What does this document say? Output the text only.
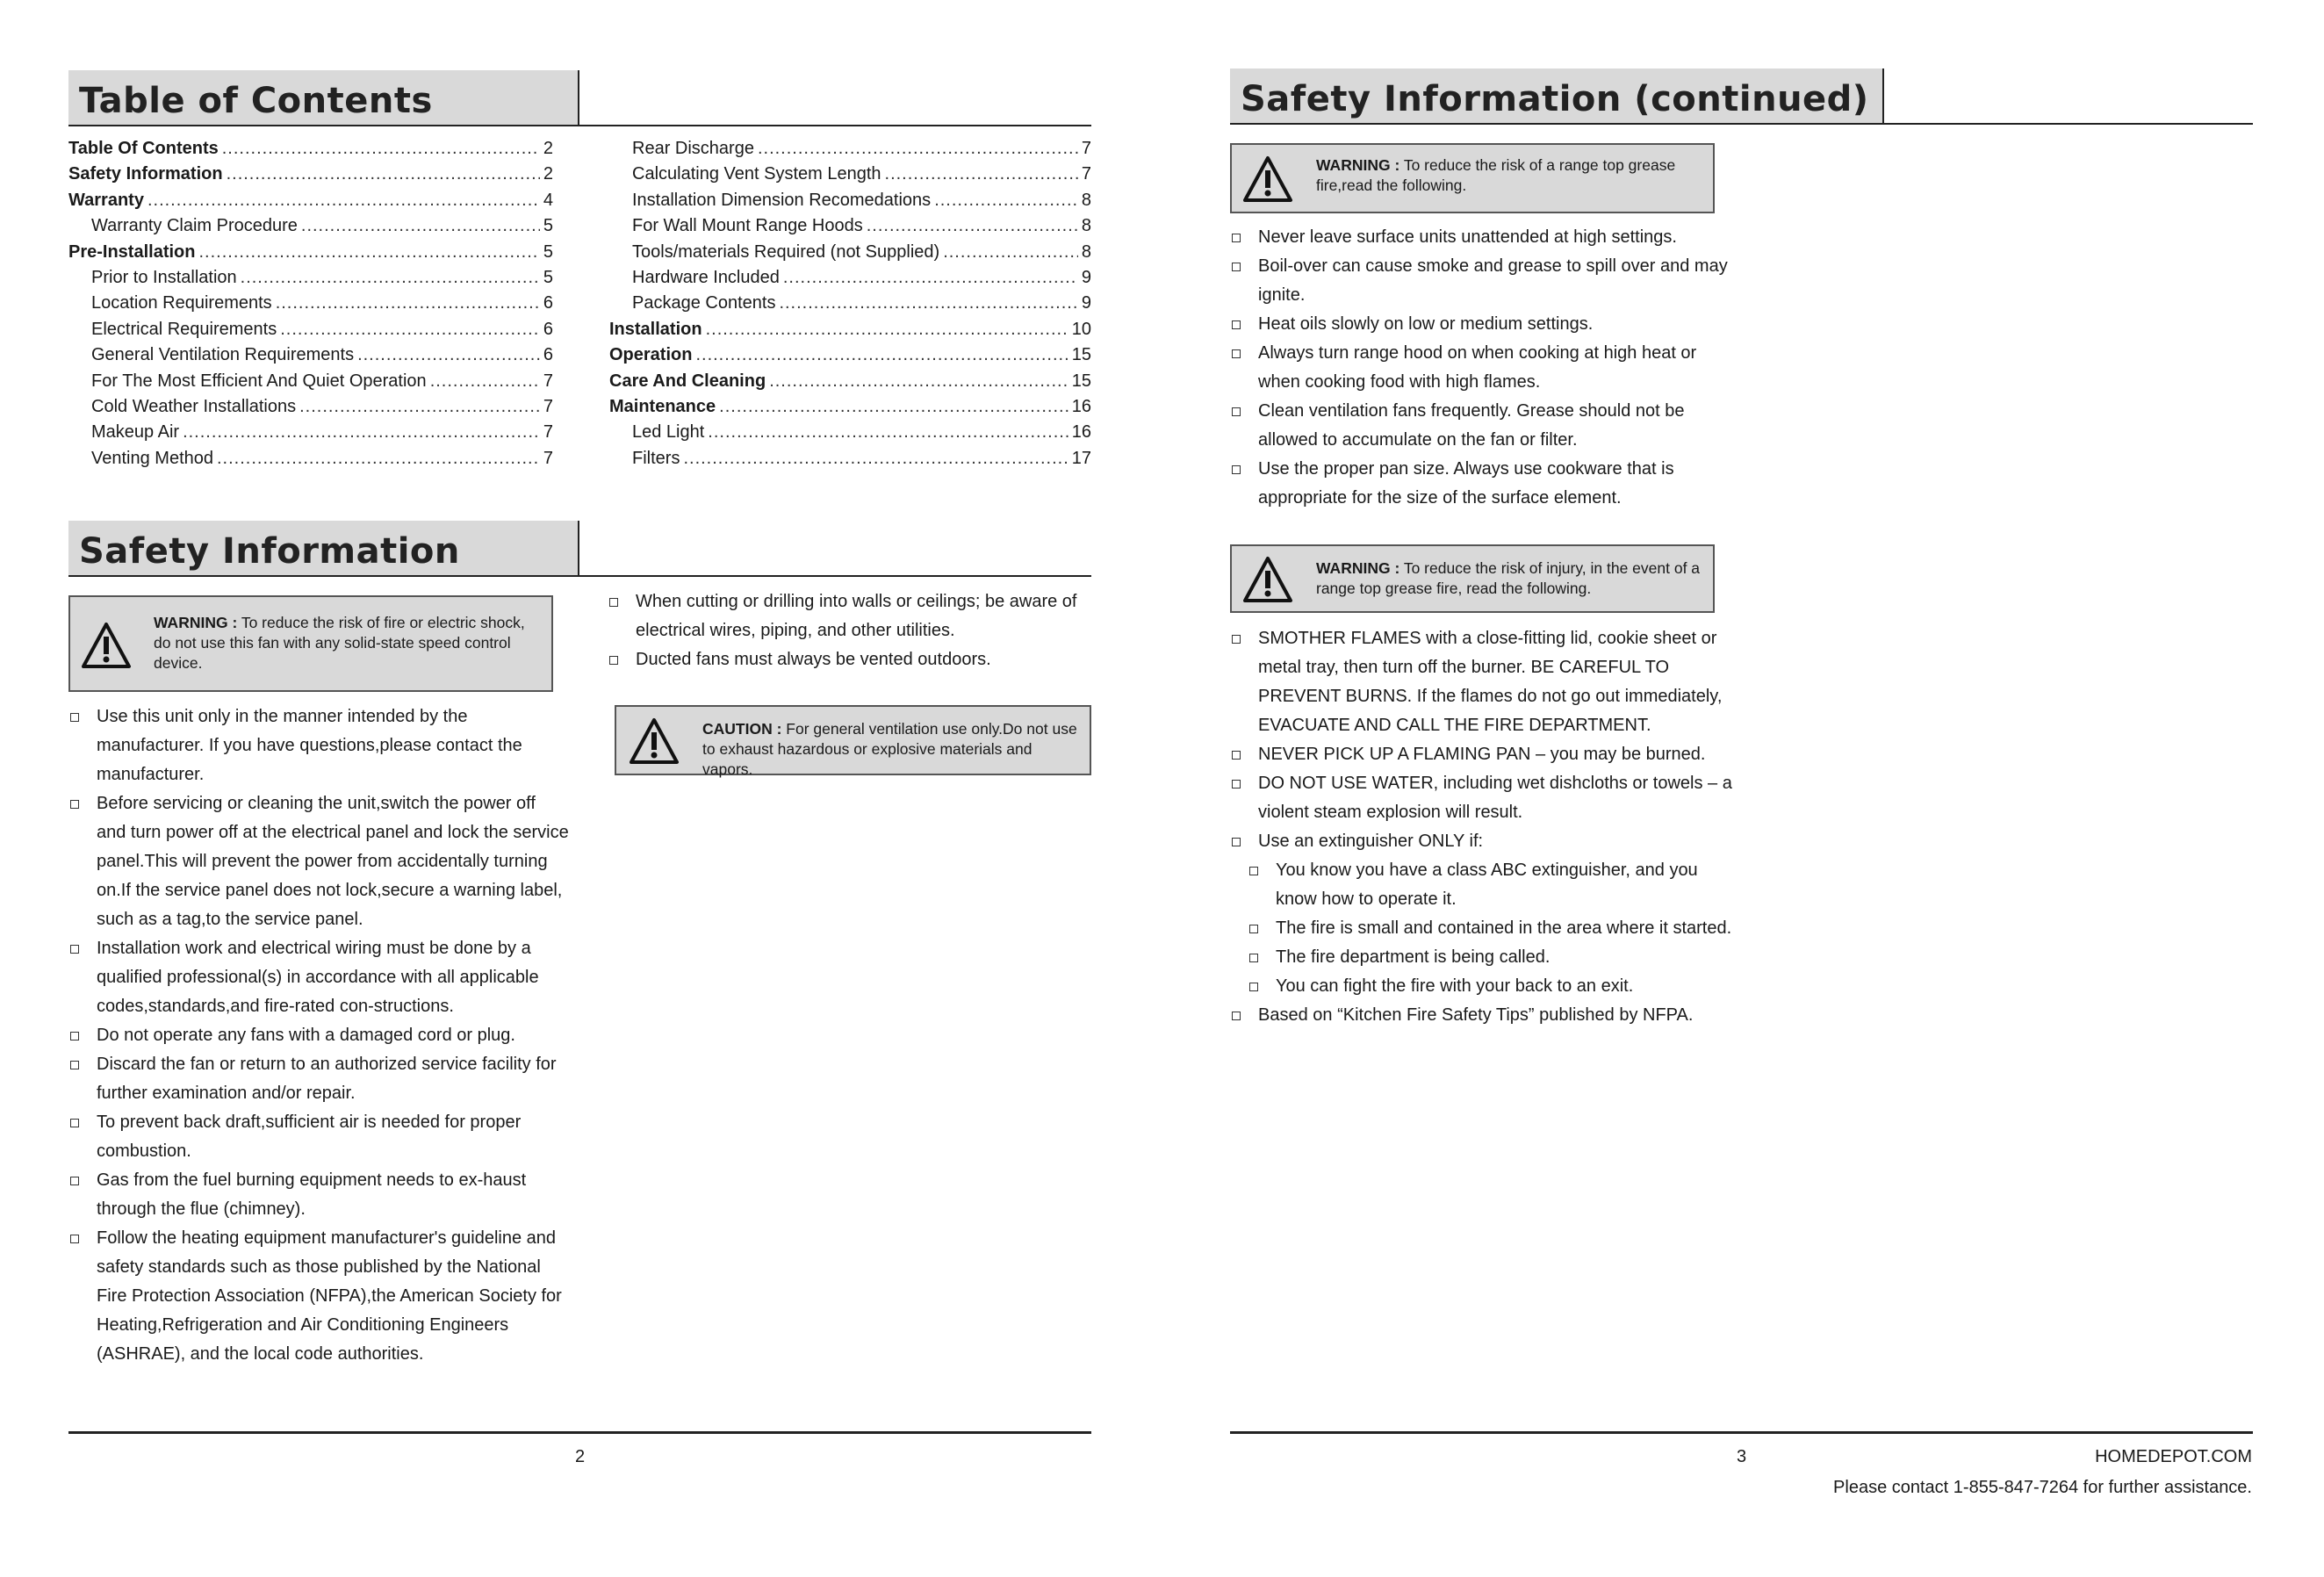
Table of Contents
Table Of Contents .....	2
Safety Information .....	2
Warranty .....	4
Warranty Claim Procedure .....	5
Pre-Installation .....	5
Prior to Installation .....	5
Location Requirements .....	6
Electrical Requirements .....	6
General Ventilation Requirements .....	6
For The Most Efficient And Quiet Operation .....	7
Cold Weather Installations .....	7
Makeup Air .....	7
Venting Method .....	7
Rear Discharge .....	7
Calculating Vent System Length .....	7
Installation Dimension Recomedations .....	8
For Wall Mount Range Hoods .....	8
Tools/materials Required (not Supplied) .....	8
Hardware Included .....	9
Package Contents .....	9
Installation .....	10
Operation .....	15
Care And Cleaning .....	15
Maintenance .....	16
Led Light .....	16
Filters .....	17
Safety Information
WARNING : To reduce the risk of fire or electric shock, do not use this fan with any solid-state speed control device.
Use this unit only in the manner intended by the manufacturer. If you have questions,please contact the manufacturer.
Before servicing or cleaning the unit,switch the power off and turn power off at the electrical panel and lock the service panel.This will prevent the power from accidentally turning on.If the service panel does not lock,secure a warning label, such as a tag,to the service panel.
Installation work and electrical wiring must be done by a qualified professional(s) in accordance with all applicable codes,standards,and fire-rated con-structions.
Do not operate any fans with a damaged cord or plug.
Discard the fan or return to an authorized service facility for further examination and/or repair.
To prevent back draft,sufficient air is needed for proper combustion.
Gas from the fuel burning equipment needs to ex-haust through the flue (chimney).
Follow the heating equipment manufacturer's guideline and safety standards such as those published by the National Fire Protection Association (NFPA),the American Society for Heating,Refrigeration and Air Conditioning Engineers (ASHRAE), and the local code authorities.
When cutting or drilling into walls or ceilings; be aware of electrical wires, piping, and other utilities.
Ducted fans must always be vented outdoors.
CAUTION : For general ventilation use only.Do not use to exhaust hazardous or explosive materials and vapors.
2
Safety Information (continued)
WARNING : To reduce the risk of a range top grease fire,read the following.
Never leave surface units unattended at high settings.
Boil-over can cause smoke and grease to spill over and may ignite.
Heat oils slowly on low or medium settings.
Always turn range hood on when cooking at high heat or when cooking food with high flames.
Clean ventilation fans frequently. Grease should not be allowed to accumulate on the fan or filter.
Use the proper pan size. Always use cookware that is appropriate for the size of the surface element.
WARNING : To reduce the risk of injury, in the event of a range top grease fire, read the following.
SMOTHER FLAMES with a close-fitting lid, cookie sheet or metal tray, then turn off the burner. BE CAREFUL TO PREVENT BURNS. If the flames do not go out immediately, EVACUATE AND CALL THE FIRE DEPARTMENT.
NEVER PICK UP A FLAMING PAN – you may be burned.
DO NOT USE WATER, including wet dishcloths or towels – a violent steam explosion will result.
Use an extinguisher ONLY if:
You know you have a class ABC extinguisher, and you know how to operate it.
The fire is small and contained in the area where it started.
The fire department is being called.
You can fight the fire with your back to an exit.
Based on “Kitchen Fire Safety Tips” published by NFPA.
3	HOMEDEPOT.COM
Please contact 1-855-847-7264 for further assistance.
